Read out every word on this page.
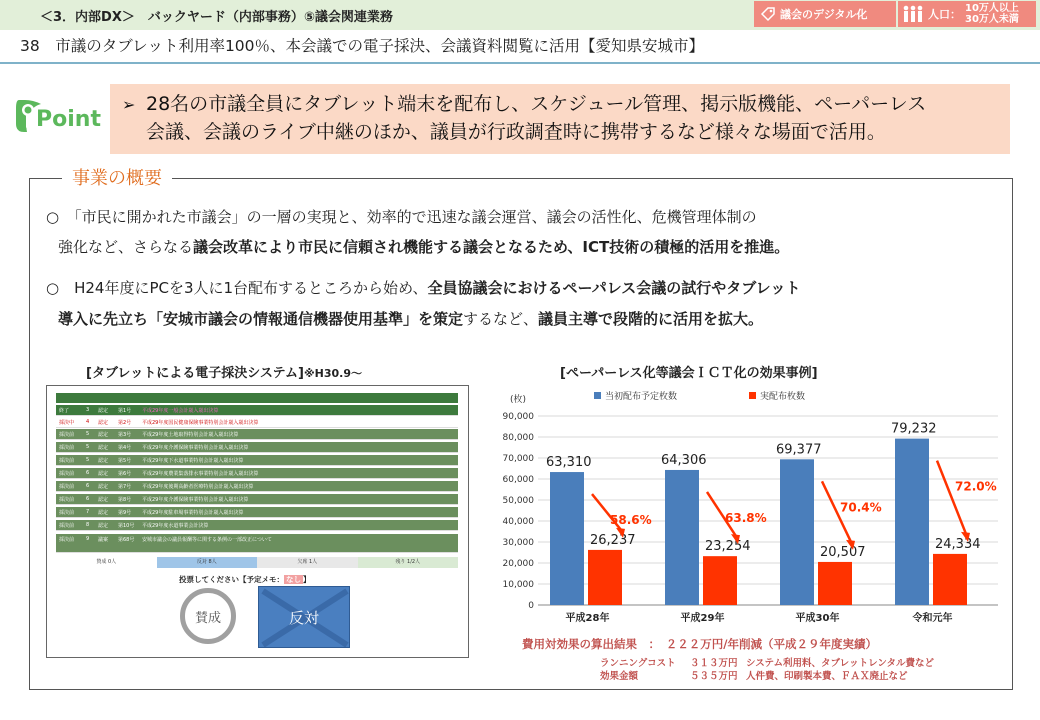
＜3．内部DX＞　バックヤード（内部事務）⑤議会関連業務	議会のデジタル化	人口： 10万人以上
30万人未満
38　市議のタブレット利用率100％、本会議での電子採決、会議資料閲覧に活用【愛知県安城市】
Point
➢ 28名の市議全員にタブレット端末を配布し、スケジュール管理、掲示版機能、ペーパーレス
会議、会議のライブ中継のほか、議員が行政調査時に携帯するなど様々な場面で活用。
事業の概要
○　「市民に開かれた市議会」の一層の実現と、効率的で迅速な議会運営、議会の活性化、危機管理体制の
強化など、さらなる議会改革により市民に信頼され機能する議会となるため、ICT技術の積極的活用を推進。
○　H24年度にPCを3人に1台配布するところから始め、全員協議会におけるペーパレス会議の試行やタブレット
導入に先立ち「安城市議会の情報通信機器使用基準」を策定するなど、議員主導で段階的に活用を拡大。
[タブレットによる電子採決システム]※H30.9～
終了	3 認定 第1号 平成29年度一般会計歳入歳出決算
採決中 4 認定 第2号 平成29年度国民健康保険事業特別会計歳入歳出決算
採決前 5 認定 第3号 平成29年度土地取得特別会計歳入歳出決算
採決前 5 認定 第4号 平成29年度介護保険事業特別会計歳入歳出決算
採決前 5 認定 第5号 平成29年度下水道事業特別会計歳入歳出決算
採決前 6 認定 第6号 平成29年度農業集落排水事業特別会計歳入歳出決算
採決前 6 認定 第7号 平成29年度後期高齢者医療特別会計歳入歳出決算
採決前 6 認定 第8号 平成29年度介護保険事業特別会計歳入歳出決算
採決前 7 認定 第9号 平成29年度駐車場事業特別会計歳入歳出決算
採決前 8 認定 第10号 平成29年度水道事業会計決算
採決前 9 議案 第68号 安城市議会の議員報酬等に関する条例の一部改正について
賛成 0人	反対 8人	欠席 1人	残り 1/2人
投票してください【予定メモ： なし 】
賛成	反対
[ペーパーレス化等議会ＩＣＴ化の効果事例]
(枚)
0
10,000
20,000
30,000
40,000
50,000
60,000
70,000
80,000
90,000
当初配布予定枚数	実配布枚数
63,310
26,237
58.6%
平成28年
64,306
23,254
63.8%
平成29年
69,377
20,507
70.4%
平成30年
79,232
24,334
72.0%
令和元年
費用対効果の算出結果　：　２２２万円/年削減（平成２９年度実績）
ランニングコスト ３１３万円 システム利用料、タブレットレンタル費など
効果金額	５３５万円 人件費、印刷製本費、ＦＡＸ廃止など
